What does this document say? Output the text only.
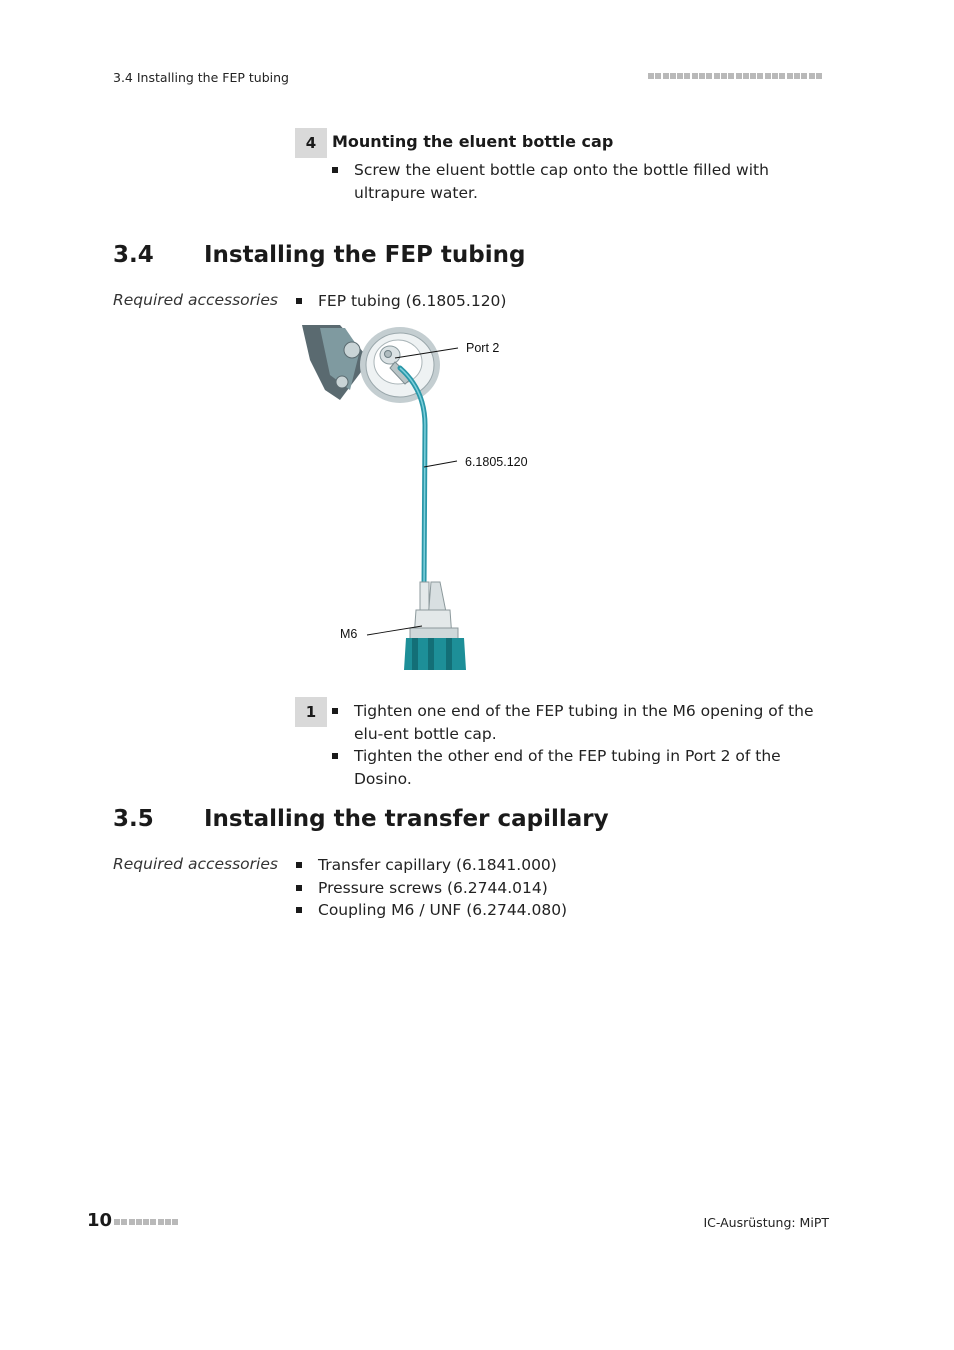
3.4 Installing the FEP tubing
4 Mounting the eluent bottle cap
Screw the eluent bottle cap onto the bottle filled with ultrapure water.
3.4 Installing the FEP tubing
Required accessories	FEP tubing (6.1805.120)
Port 2
6.1805.120
M6
1	Tighten one end of the FEP tubing in the M6 opening of the elu-ent bottle cap.
Tighten the other end of the FEP tubing in Port 2 of the Dosino.
3.5 Installing the transfer capillary
Required accessories	Transfer capillary (6.1841.000)
Pressure screws (6.2744.014)
Coupling M6 / UNF (6.2744.080)
10	IC-Ausrüstung: MiPT
